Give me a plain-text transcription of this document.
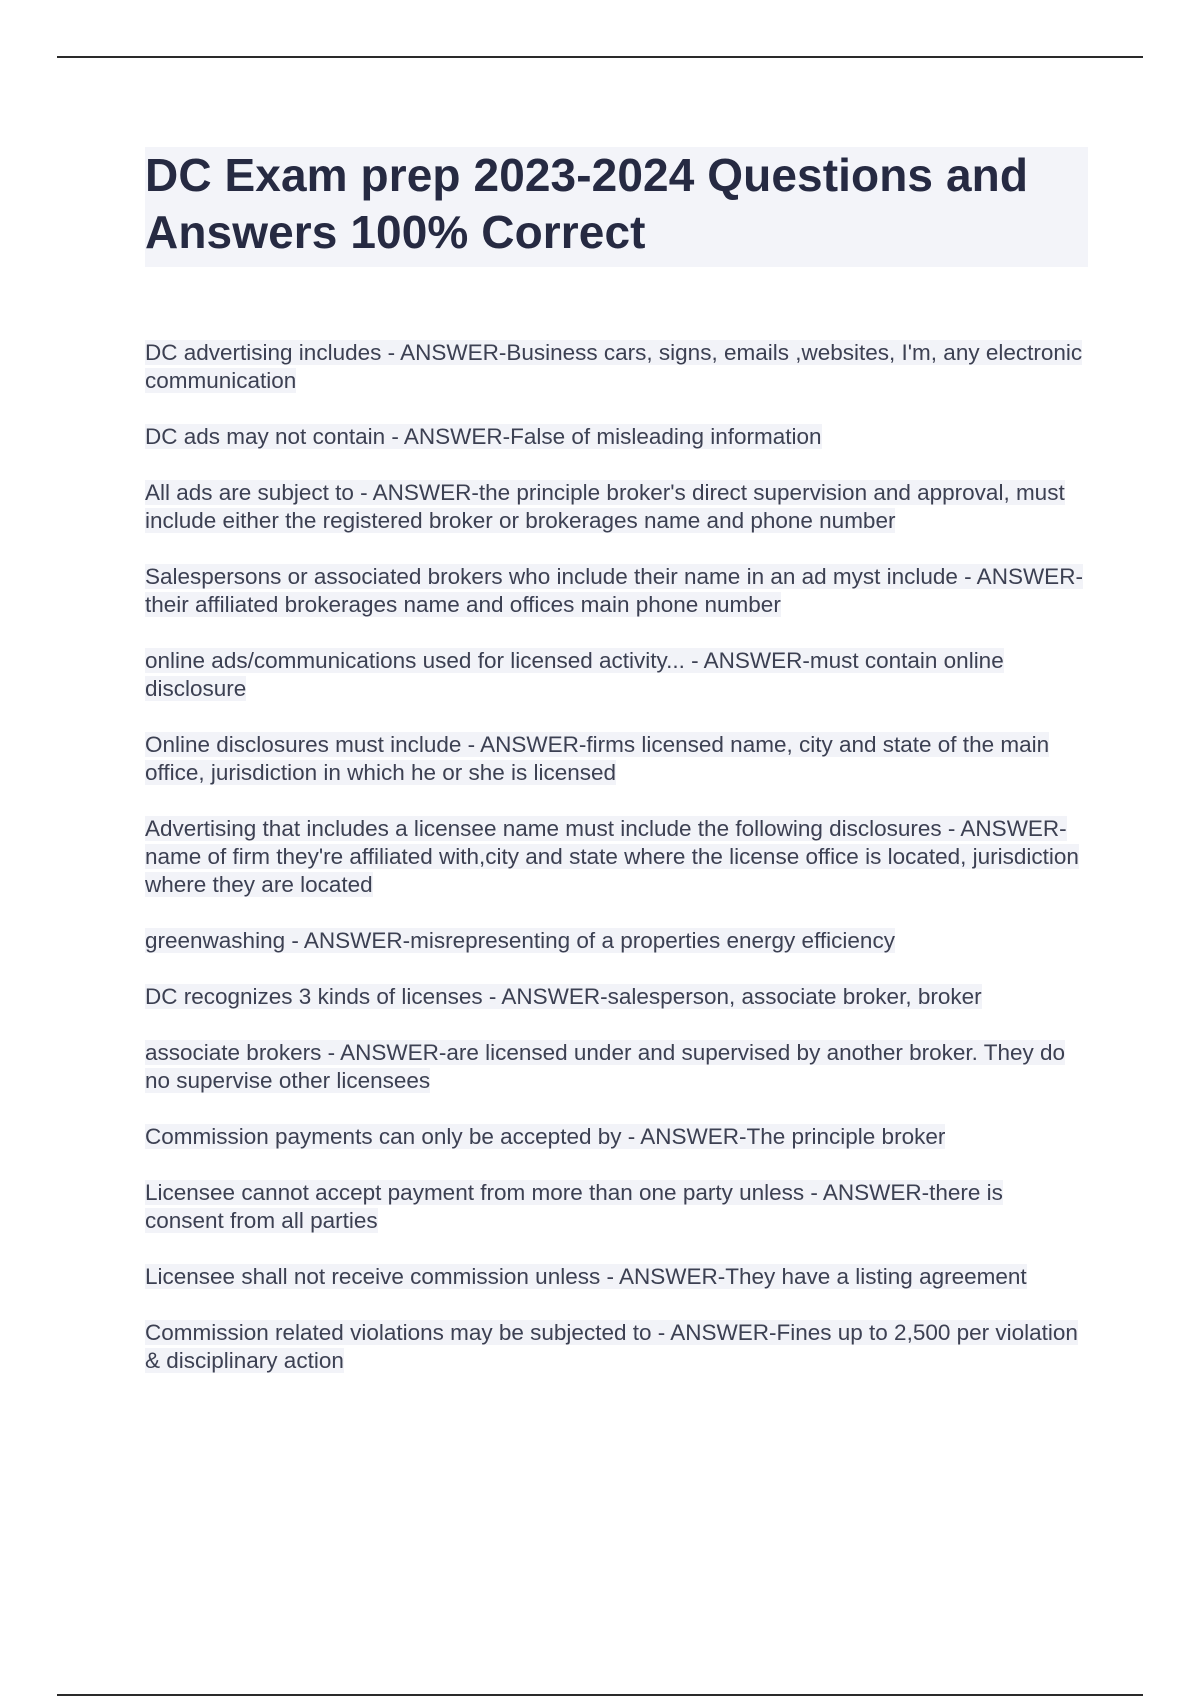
DC Exam prep 2023-2024 Questions and Answers 100% Correct
DC advertising includes - ANSWER-Business cars, signs, emails ,websites, I'm, any electronic communication
DC ads may not contain - ANSWER-False of misleading information
All ads are subject to - ANSWER-the principle broker's direct supervision and approval, must include either the registered broker or brokerages name and phone number
Salespersons or associated brokers who include their name in an ad myst include - ANSWER-their affiliated brokerages name and offices main phone number
online ads/communications used for licensed activity... - ANSWER-must contain online disclosure
Online disclosures must include - ANSWER-firms licensed name, city and state of the main office, jurisdiction in which he or she is licensed
Advertising that includes a licensee name must include the following disclosures - ANSWER-name of firm they're affiliated with,city and state where the license office is located, jurisdiction where they are located
greenwashing - ANSWER-misrepresenting of a properties energy efficiency
DC recognizes 3 kinds of licenses - ANSWER-salesperson, associate broker, broker
associate brokers - ANSWER-are licensed under and supervised by another broker. They do no supervise other licensees
Commission payments can only be accepted by - ANSWER-The principle broker
Licensee cannot accept payment from more than one party unless - ANSWER-there is consent from all parties
Licensee shall not receive commission unless - ANSWER-They have a listing agreement
Commission related violations may be subjected to - ANSWER-Fines up to 2,500 per violation & disciplinary action
